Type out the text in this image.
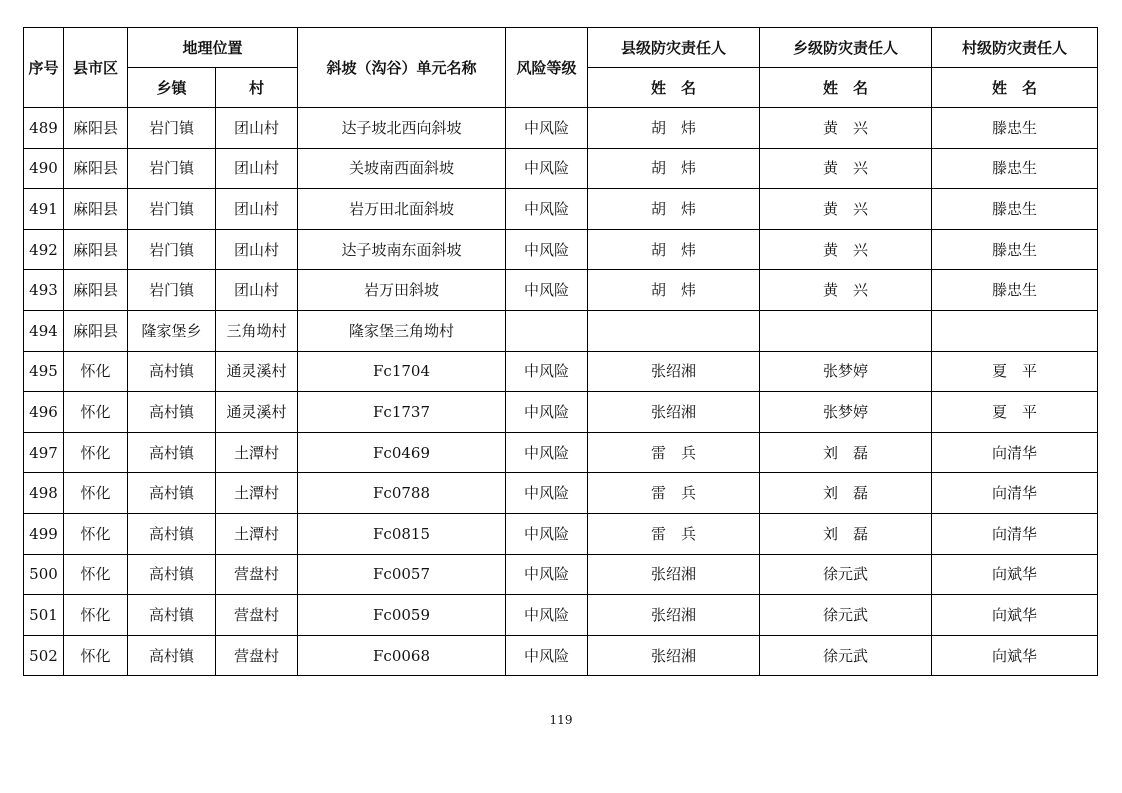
序号	县市区	地理位置		斜坡（沟谷）单元名称	风险等级	县级防灾责任人	乡级防灾责任人	村级防灾责任人
		乡镇	村			姓　名	姓　名	姓　名
489	麻阳县	岩门镇	团山村	达子坡北西向斜坡	中风险	胡　炜	黄　兴	滕忠生
490	麻阳县	岩门镇	团山村	关坡南西面斜坡	中风险	胡　炜	黄　兴	滕忠生
491	麻阳县	岩门镇	团山村	岩万田北面斜坡	中风险	胡　炜	黄　兴	滕忠生
492	麻阳县	岩门镇	团山村	达子坡南东面斜坡	中风险	胡　炜	黄　兴	滕忠生
493	麻阳县	岩门镇	团山村	岩万田斜坡	中风险	胡　炜	黄　兴	滕忠生
494	麻阳县	隆家堡乡	三角坳村	隆家堡三角坳村				
495	怀化	高村镇	通灵溪村	Fc1704	中风险	张绍湘	张梦婷	夏　平
496	怀化	高村镇	通灵溪村	Fc1737	中风险	张绍湘	张梦婷	夏　平
497	怀化	高村镇	土潭村	Fc0469	中风险	雷　兵	刘　磊	向清华
498	怀化	高村镇	土潭村	Fc0788	中风险	雷　兵	刘　磊	向清华
499	怀化	高村镇	土潭村	Fc0815	中风险	雷　兵	刘　磊	向清华
500	怀化	高村镇	营盘村	Fc0057	中风险	张绍湘	徐元武	向斌华
501	怀化	高村镇	营盘村	Fc0059	中风险	张绍湘	徐元武	向斌华
502	怀化	高村镇	营盘村	Fc0068	中风险	张绍湘	徐元武	向斌华
119
